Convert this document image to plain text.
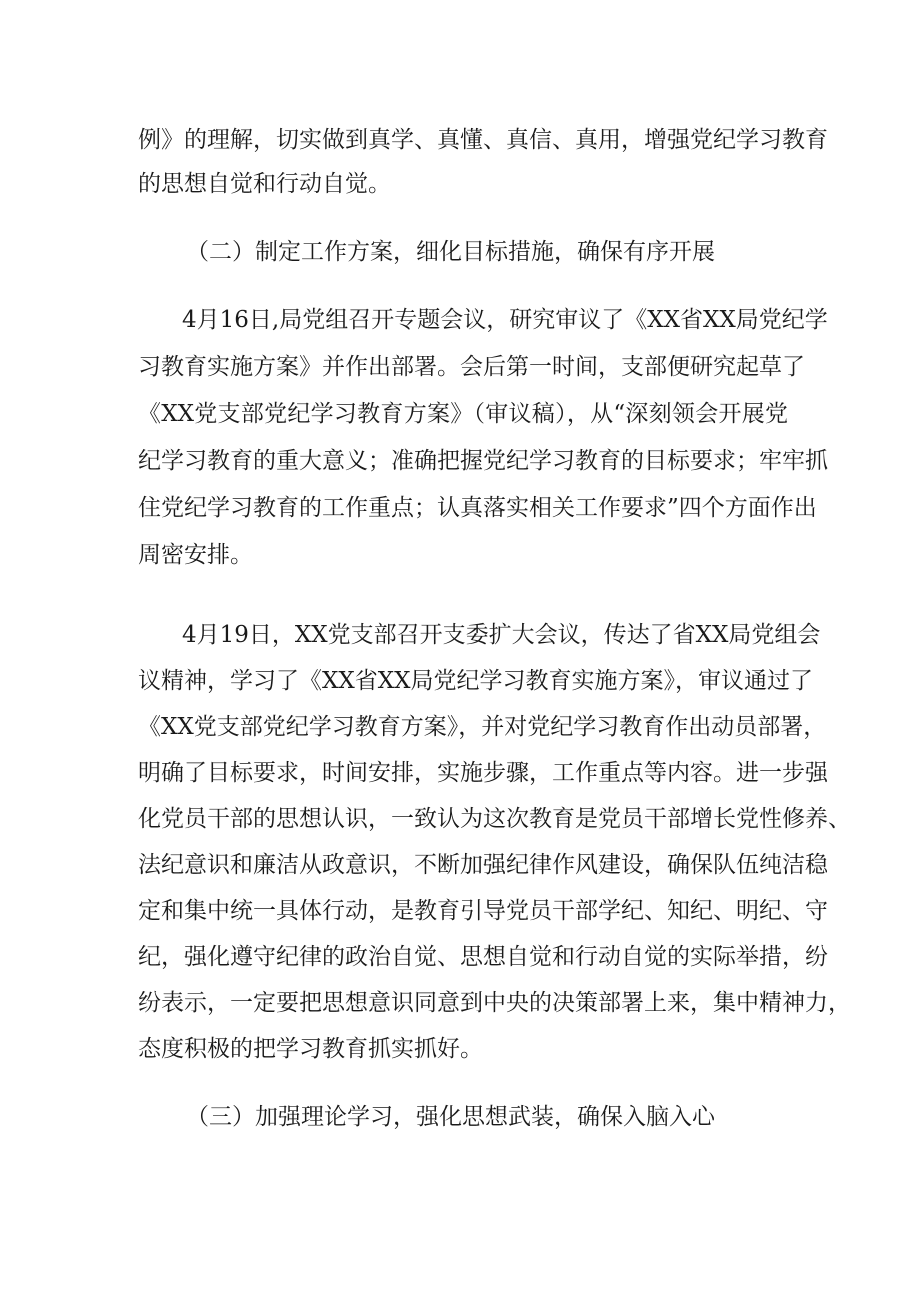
例》的理解，切实做到真学、真懂、真信、真用，增强党纪学习教育
的思想自觉和行动自觉。
（二）制定工作方案，细化目标措施，确保有序开展
4月16日,局党组召开专题会议，研究审议了《XX省XX局党纪学
习教育实施方案》并作出部署。会后第一时间，支部便研究起草了
《XX党支部党纪学习教育方案》（审议稿），从“深刻领会开展党
纪学习教育的重大意义；准确把握党纪学习教育的目标要求；牢牢抓
住党纪学习教育的工作重点；认真落实相关工作要求”四个方面作出
周密安排。
4月19日，XX党支部召开支委扩大会议，传达了省XX局党组会
议精神，学习了《XX省XX局党纪学习教育实施方案》，审议通过了
《XX党支部党纪学习教育方案》，并对党纪学习教育作出动员部署，
明确了目标要求，时间安排，实施步骤，工作重点等内容。进一步强
化党员干部的思想认识，一致认为这次教育是党员干部增长党性修养、
法纪意识和廉洁从政意识，不断加强纪律作风建设，确保队伍纯洁稳
定和集中统一具体行动，是教育引导党员干部学纪、知纪、明纪、守
纪，强化遵守纪律的政治自觉、思想自觉和行动自觉的实际举措，纷
纷表示，一定要把思想意识同意到中央的决策部署上来，集中精神力，
态度积极的把学习教育抓实抓好。
（三）加强理论学习，强化思想武装，确保入脑入心
